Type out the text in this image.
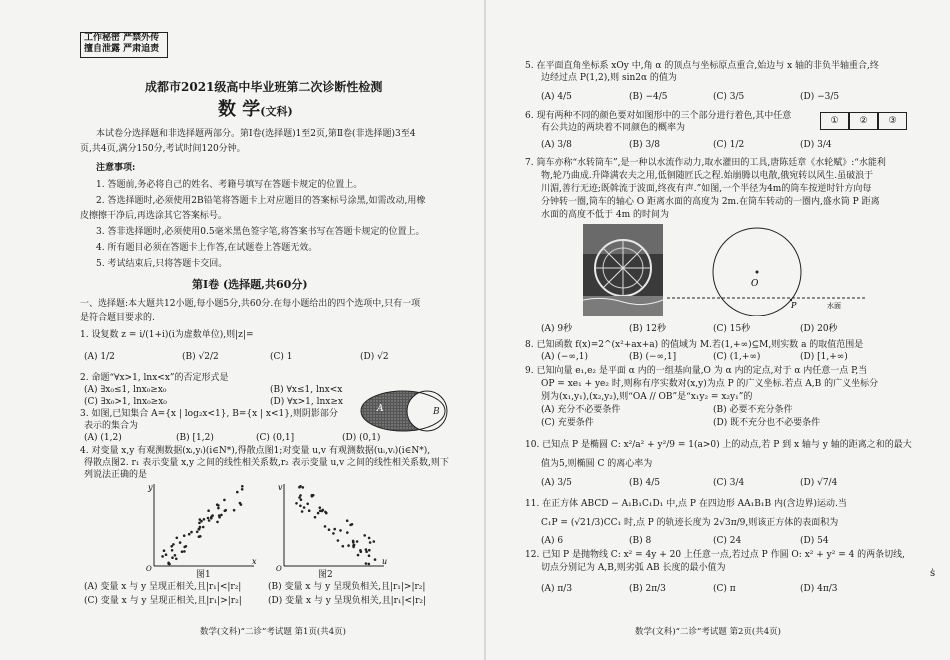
工作秘密 严禁外传
擅自泄露 严肃追责
成都市2021级高中毕业班第二次诊断性检测
数 学(文科)
本试卷分选择题和非选择题两部分。第Ⅰ卷(选择题)1至2页,第Ⅱ卷(非选择题)3至4
页,共4页,满分150分,考试时间120分钟。
注意事项:
1. 答题前,务必将自己的姓名、考籍号填写在答题卡规定的位置上。
2. 答选择题时,必须使用2B铅笔将答题卡上对应题目的答案标号涂黑,如需改动,用橡
皮擦擦干净后,再选涂其它答案标号。
3. 答非选择题时,必须使用0.5毫米黑色签字笔,将答案书写在答题卡规定的位置上。
4. 所有题目必须在答题卡上作答,在试题卷上答题无效。
5. 考试结束后,只将答题卡交回。
第Ⅰ卷 (选择题,共60分)
一、选择题:本大题共12小题,每小题5分,共60分.在每小题给出的四个选项中,只有一项
是符合题目要求的.
1. 设复数 z = i/(1+i)(i为虚数单位),则|z|=
(A) 1/2	(B) √2/2	(C) 1	(D) √2
2. 命题“∀x>1, lnx<x”的否定形式是
(A) ∃x₀≤1, lnx₀≥x₀	(B) ∀x≤1, lnx<x
(C) ∃x₀>1, lnx₀≥x₀	(D) ∀x>1, lnx≥x
3. 如图,已知集合 A={x | log₂x<1}, B={x | x<1},则阴影部分
表示的集合为
(A) (1,2)	(B) [1,2)	(C) (0,1]	(D) (0,1)
A	B
4. 对变量 x,y 有观测数据(xᵢ,yᵢ)(i∈N*),得散点图1;对变量 u,v 有观测数据(uᵢ,vᵢ)(i∈N*),
得散点图2. r₁ 表示变量 x,y 之间的线性相关系数,r₂ 表示变量 u,v 之间的线性相关系数,则下
列说法正确的是
y
x
O
图1
v
u
O
图2
(A) 变量 x 与 y 呈现正相关,且|r₁|<|r₂|	(B) 变量 x 与 y 呈现负相关,且|r₁|>|r₂|
(C) 变量 x 与 y 呈现正相关,且|r₁|>|r₂|	(D) 变量 x 与 y 呈现负相关,且|r₁|<|r₂|
数学(文科)“二诊”考试题 第1页(共4页)
5. 在平面直角坐标系 xOy 中,角 α 的顶点与坐标原点重合,始边与 x 轴的非负半轴重合,终
边经过点 P(1,2),则 sin2α 的值为
(A) 4/5	(B) −4/5	(C) 3/5	(D) −3/5
6. 现有两种不同的颜色要对如图形中的三个部分进行着色,其中任意
有公共边的两块着不同颜色的概率为
(A) 3/8	(B) 3/8	(C) 1/2	(D) 3/4
7. 筒车亦称“水转筒车”,是一种以水流作动力,取水灌田的工具,唐陈廷章《水轮赋》:“水能利
物,轮乃曲成.升降满农夫之用,低徊随匠氏之程.始崩腾以电散,俄宛转以风生.虽破浪于
川湄,善行无迹;既斡流于波面,终夜有声.”如图,一个半径为4m的筒车按逆时针方向每
分钟转一圈,筒车的轴心 O 距离水面的高度为 2m.在筒车转动的一圈内,盛水筒 P 距离
水面的高度不低于 4m 的时间为
O
P	水面
(A) 9秒	(B) 12秒	(C) 15秒	(D) 20秒
8. 已知函数 f(x)=2^(x²+ax+a) 的值域为 M.若(1,+∞)⊆M,则实数 a 的取值范围是
(A) (−∞,1)	(B) (−∞,1]	(C) (1,+∞)	(D) [1,+∞)
9. 已知向量 e₁,e₂ 是平面 α 内的一组基向量,O 为 α 内的定点,对于 α 内任意一点 P,当
OP = xe₁ + ye₂ 时,则称有序实数对(x,y)为点 P 的广义坐标.若点 A,B 的广义坐标分
别为(x₁,y₁),(x₂,y₂),则“OA // OB”是“x₁y₂ = x₂y₁”的
(A) 充分不必要条件	(B) 必要不充分条件
(C) 充要条件	(D) 既不充分也不必要条件
10. 已知点 P 是椭圆 C: x²/a² + y²/9 = 1(a>0) 上的动点,若 P 到 x 轴与 y 轴的距离之和的最大
值为5,则椭圆 C 的离心率为
(A) 3/5	(B) 4/5	(C) 3/4	(D) √7/4
11. 在正方体 ABCD − A₁B₁C₁D₁ 中,点 P 在四边形 AA₁B₁B 内(含边界)运动.当
C₁P = (√21/3)CC₁ 时,点 P 的轨迹长度为 2√3π/9,则该正方体的表面积为
(A) 6	(B) 8	(C) 24	(D) 54
12. 已知 P 是抛物线 C: x² = 4y + 20 上任意一点,若过点 P 作圆 O: x² + y² = 4 的两条切线,
切点分别记为 A,B,则劣弧 AB 长度的最小值为
(A) π/3	(B) 2π/3	(C) π	(D) 4π/3
数学(文科)“二诊”考试题 第2页(共4页)
ṡ
①	②	③
